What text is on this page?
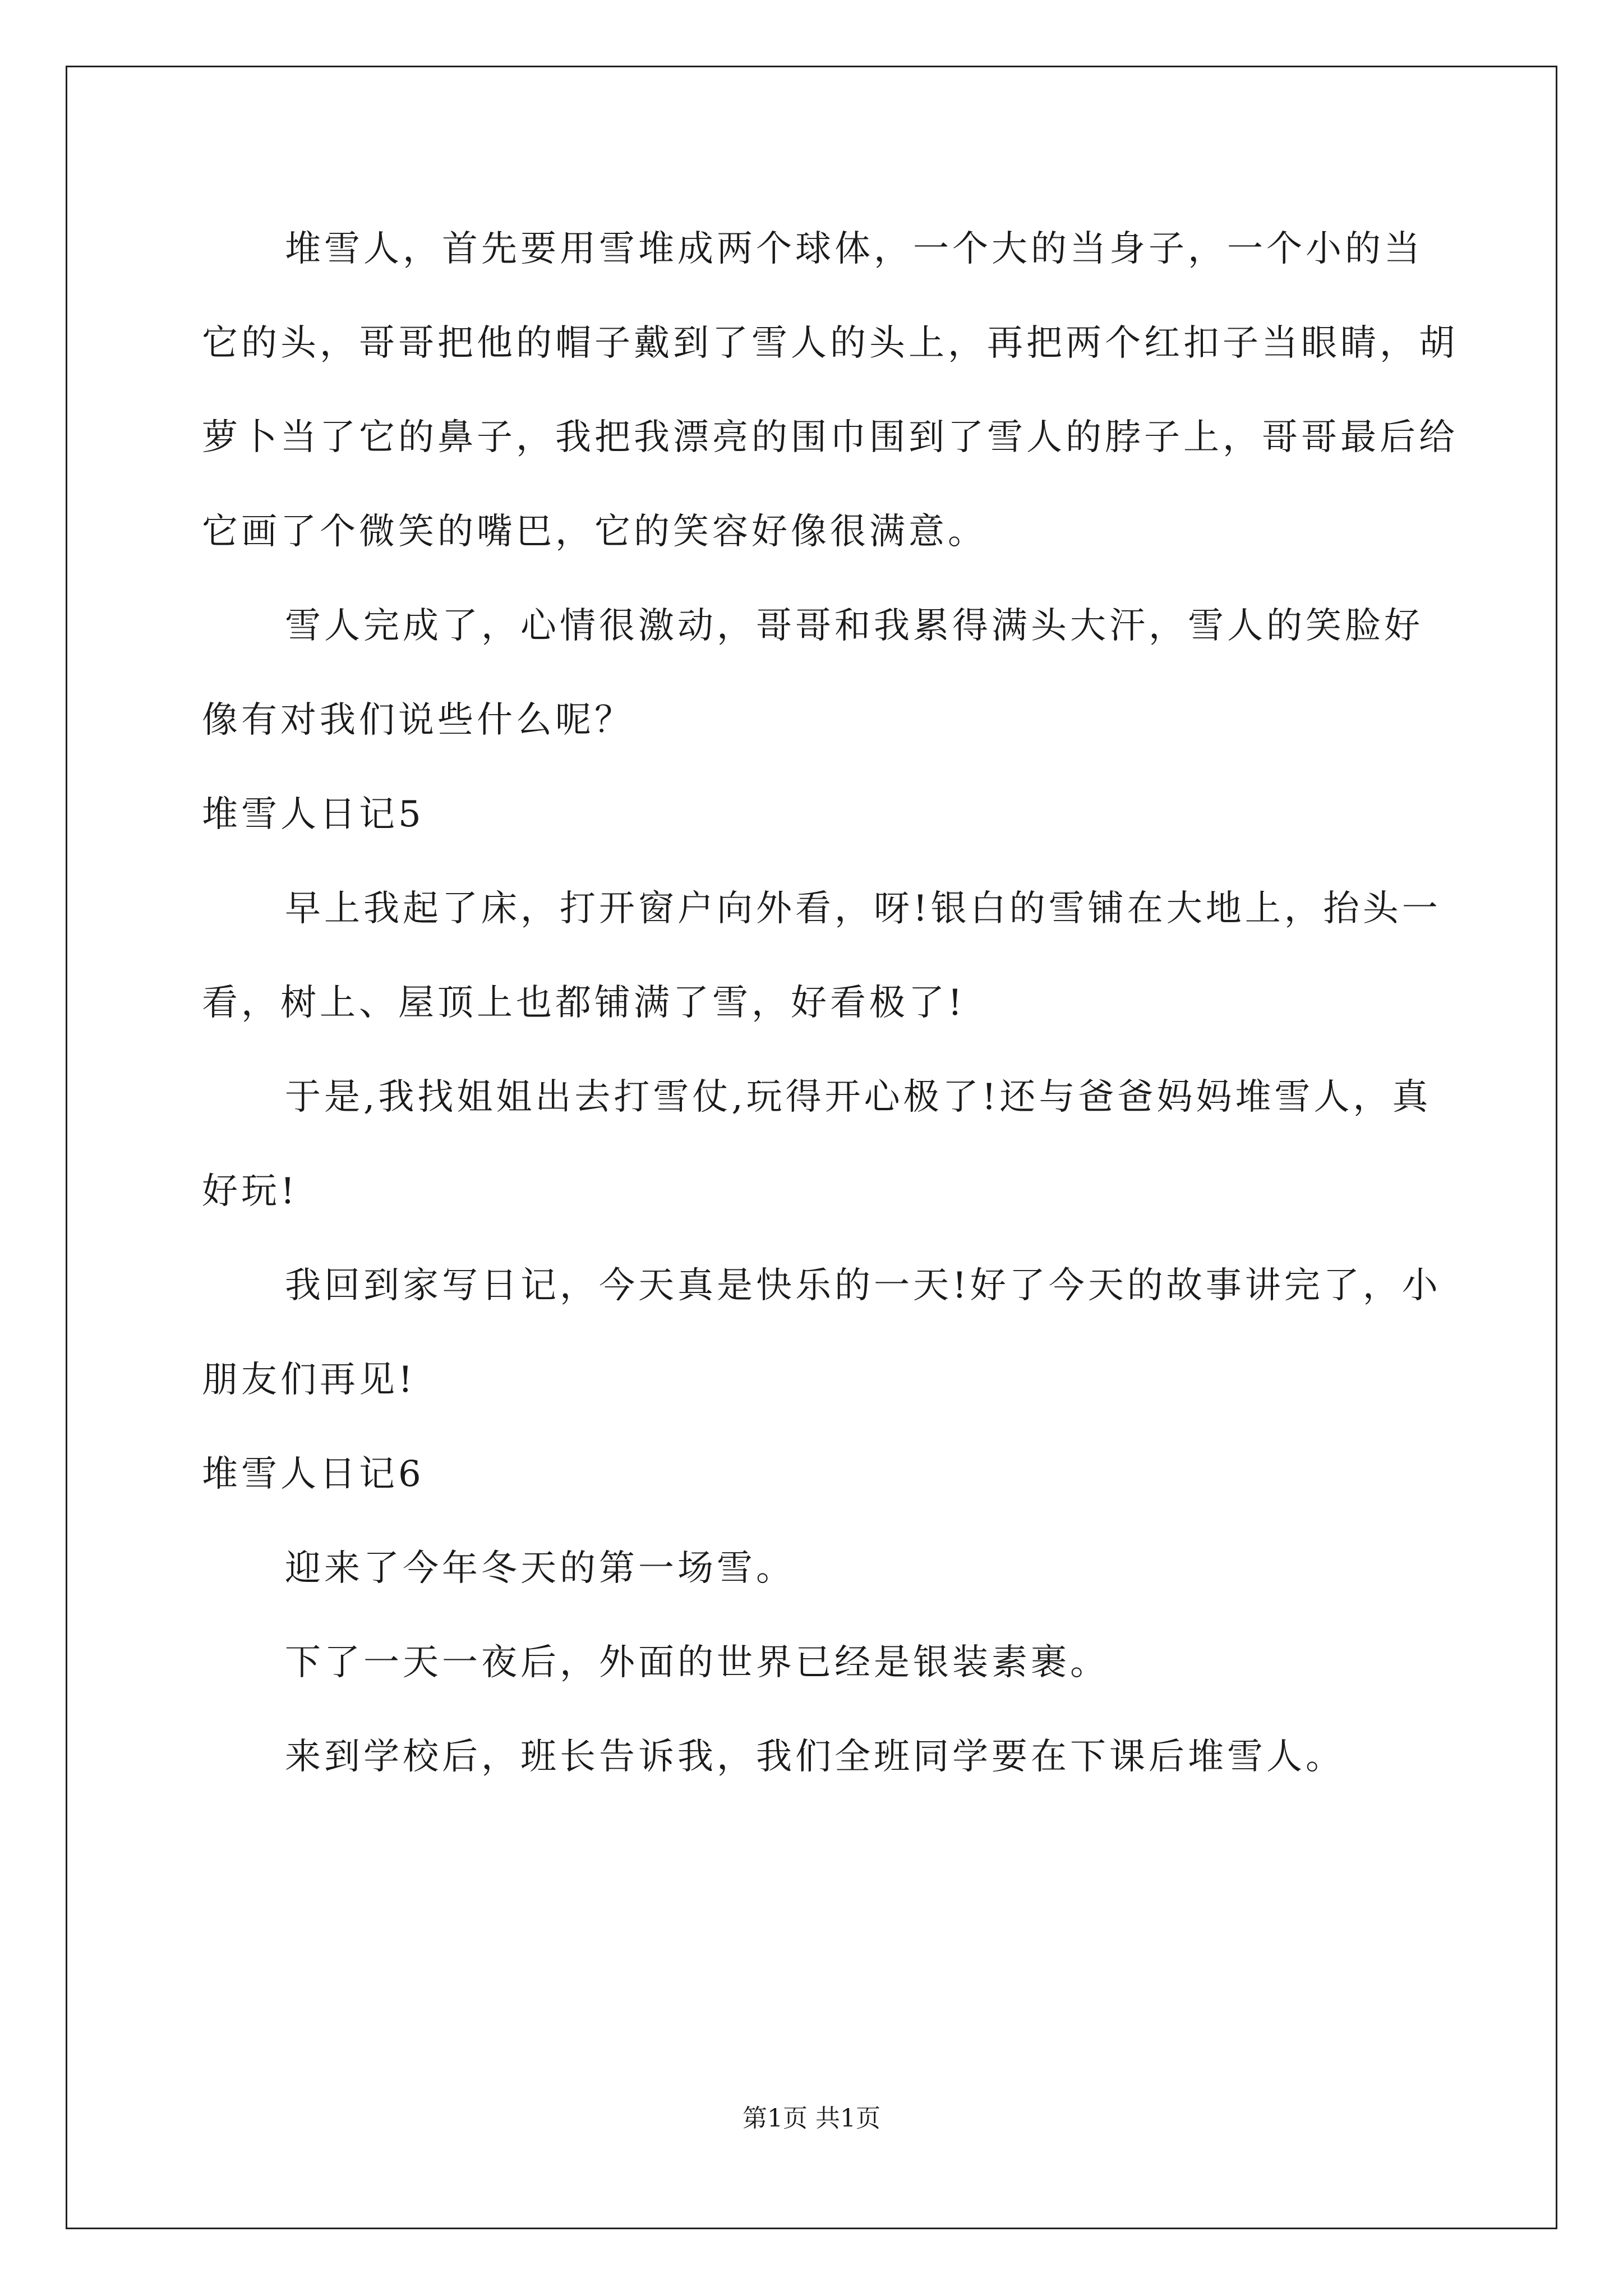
堆雪人，首先要用雪堆成两个球体，一个大的当身子，一个小的当它的头，哥哥把他的帽子戴到了雪人的头上，再把两个红扣子当眼睛，胡萝卜当了它的鼻子，我把我漂亮的围巾围到了雪人的脖子上，哥哥最后给它画了个微笑的嘴巴，它的笑容好像很满意。

雪人完成了，心情很激动，哥哥和我累得满头大汗，雪人的笑脸好像有对我们说些什么呢？

堆雪人日记5

早上我起了床，打开窗户向外看，呀!银白的雪铺在大地上，抬头一看，树上、屋顶上也都铺满了雪，好看极了!

于是,我找姐姐出去打雪仗,玩得开心极了!还与爸爸妈妈堆雪人，真好玩!

我回到家写日记，今天真是快乐的一天!好了今天的故事讲完了，小朋友们再见!

堆雪人日记6

迎来了今年冬天的第一场雪。

下了一天一夜后，外面的世界已经是银装素裹。

来到学校后，班长告诉我，我们全班同学要在下课后堆雪人。

第1页 共1页
